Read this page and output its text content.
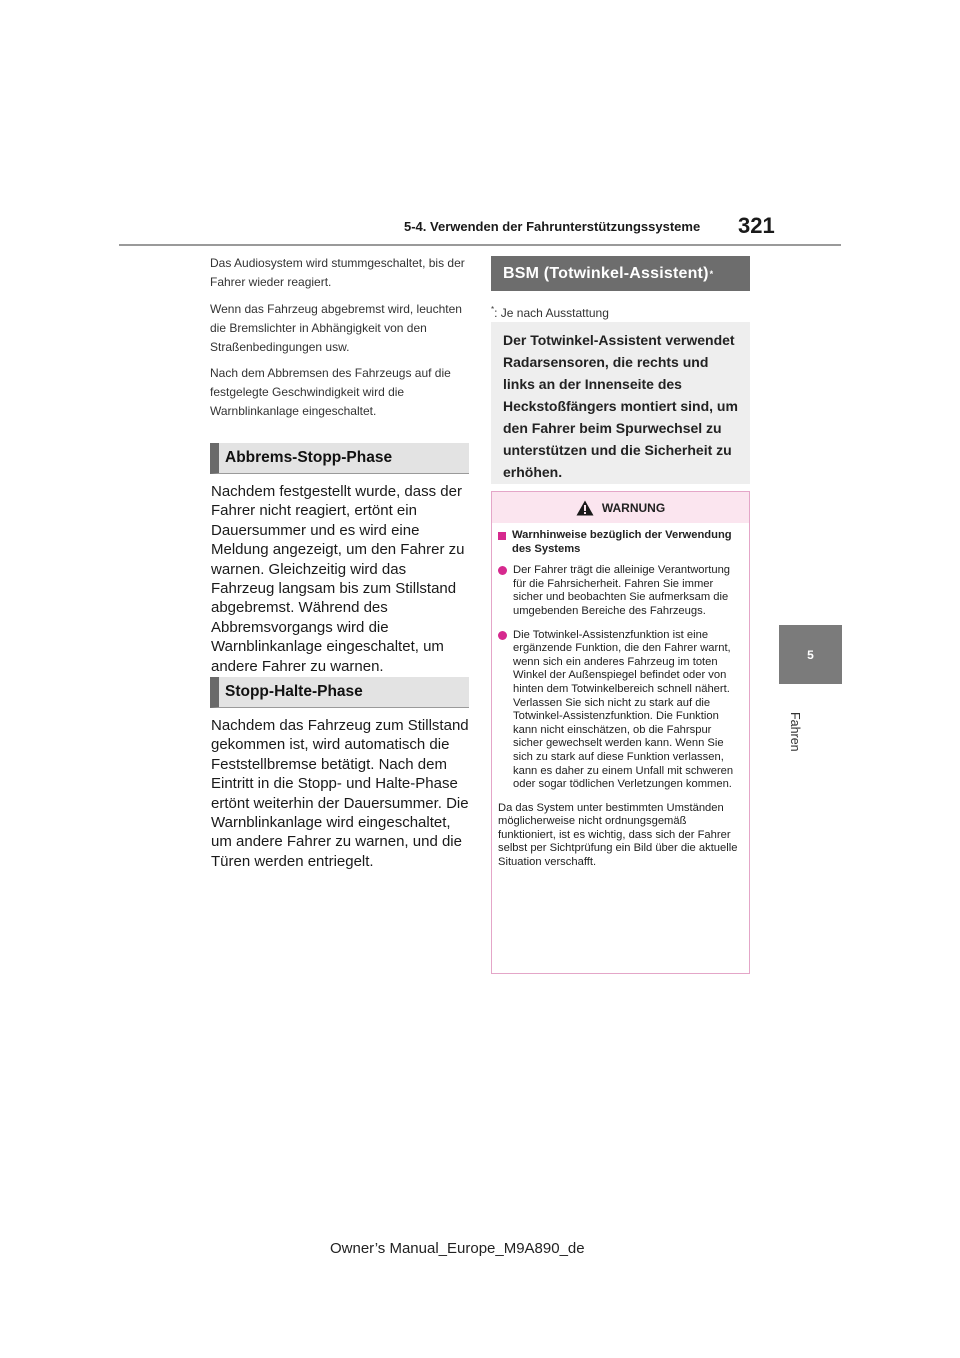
5-4. Verwenden der Fahrunterstützungssysteme 321
5
Fahren

Das Audiosystem wird stummgeschaltet, bis der Fahrer wieder reagiert.

Wenn das Fahrzeug abgebremst wird, leuchten die Bremslichter in Abhängigkeit von den Straßenbedingungen usw.

Nach dem Abbremsen des Fahrzeugs auf die festgelegte Geschwindigkeit wird die Warnblinkanlage eingeschaltet.

Abbrems-Stopp-Phase

Nachdem festgestellt wurde, dass der Fahrer nicht reagiert, ertönt ein Dauersummer und es wird eine Meldung angezeigt, um den Fahrer zu warnen. Gleichzeitig wird das Fahrzeug langsam bis zum Stillstand abgebremst. Während des Abbremsvorgangs wird die Warnblinkanlage eingeschaltet, um andere Fahrer zu warnen.

Stopp-Halte-Phase

Nachdem das Fahrzeug zum Stillstand gekommen ist, wird automatisch die Feststellbremse betätigt. Nach dem Eintritt in die Stopp- und Halte-Phase ertönt weiterhin der Dauersummer. Die Warnblinkanlage wird eingeschaltet, um andere Fahrer zu warnen, und die Türen werden entriegelt.

BSM (Totwinkel-Assistent) *
*: Je nach Ausstattung
Der Totwinkel-Assistent verwendet Radarsensoren, die rechts und links an der Innenseite des Heckstoßfängers montiert sind, um den Fahrer beim Spurwechsel zu unterstützen und die Sicherheit zu erhöhen.
WARNUNG
Warnhinweise bezüglich der Verwendung des Systems
Der Fahrer trägt die alleinige Verantwortung für die Fahrsicherheit. Fahren Sie immer sicher und beobachten Sie aufmerksam die umgebenden Bereiche des Fahrzeugs.
Die Totwinkel-Assistenzfunktion ist eine ergänzende Funktion, die den Fahrer warnt, wenn sich ein anderes Fahrzeug im toten Winkel der Außenspiegel befindet oder von hinten dem Totwinkelbereich schnell nähert. Verlassen Sie sich nicht zu stark auf die Totwinkel-Assistenzfunktion. Die Funktion kann nicht einschätzen, ob die Fahrspur sicher gewechselt werden kann. Wenn Sie sich zu stark auf diese Funktion verlassen, kann es daher zu einem Unfall mit schweren oder sogar tödlichen Verletzungen kommen.

Da das System unter bestimmten Umständen möglicherweise nicht ordnungsgemäß funktioniert, ist es wichtig, dass sich der Fahrer selbst per Sichtprüfung ein Bild über die aktuelle Situation verschafft.

Owner’s Manual_Europe_M9A890_de
